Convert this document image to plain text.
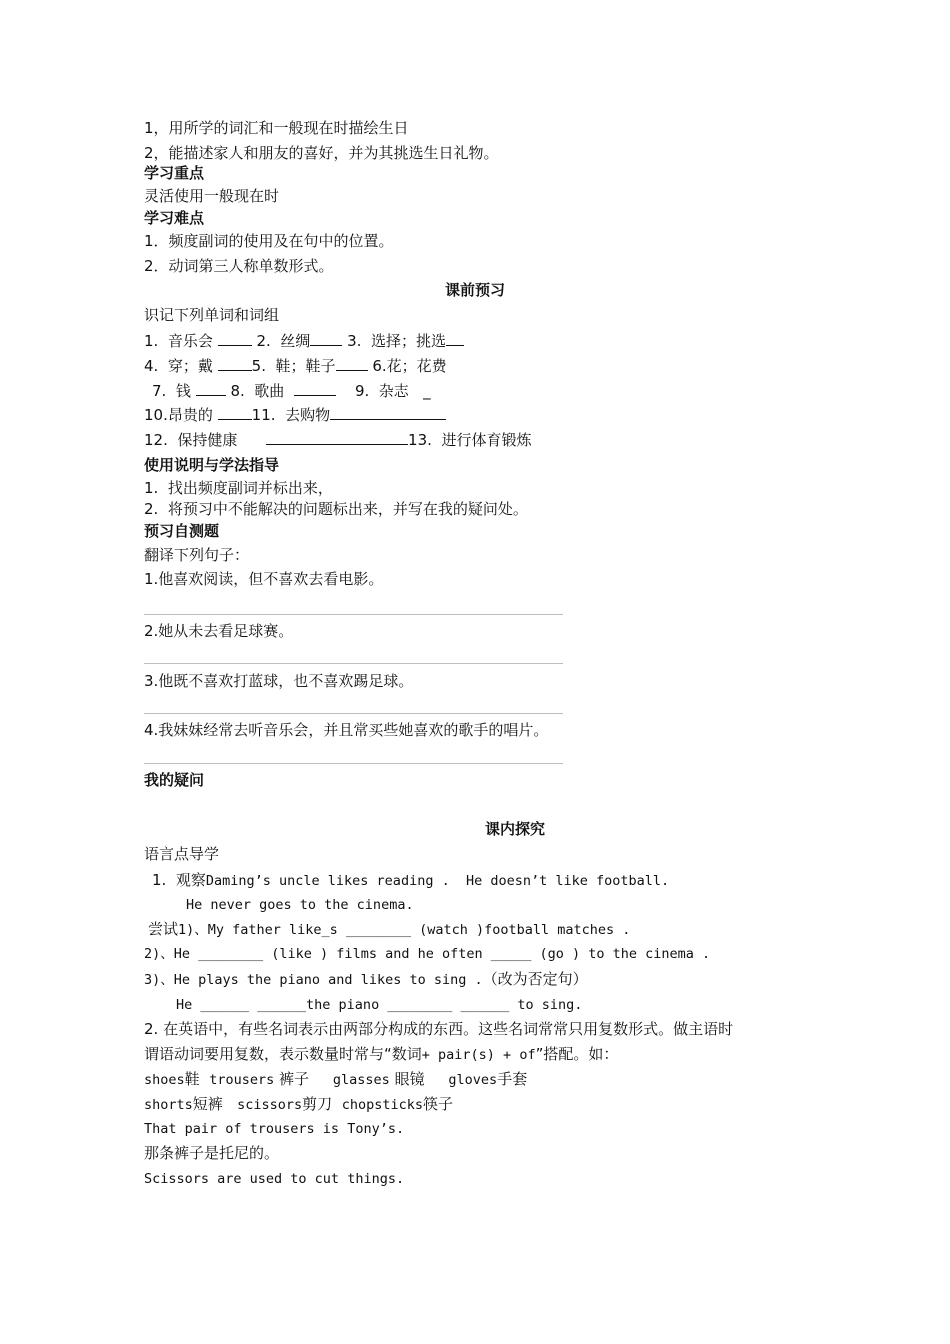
1，用所学的词汇和一般现在时描绘生日
2，能描述家人和朋友的喜好，并为其挑选生日礼物。
学习重点
灵活使用一般现在时
学习难点
1．频度副词的使用及在句中的位置。
2．动词第三人称单数形式。
课前预习
识记下列单词和词组
1. 音乐会	2. 丝绸 3. 选择；挑选
4. 穿；戴	5. 鞋；鞋子 6.花；花费
7. 钱	8. 歌曲	9. 杂志 _
10.昂贵的	11. 去购物
12. 保持健康	13. 进行体育锻炼
使用说明与学法指导
1.  找出频度副词并标出来，
2.  将预习中不能解决的问题标出来，并写在我的疑问处。
预习自测题
翻译下列句子：
1.他喜欢阅读，但不喜欢去看电影。
2.她从未去看足球赛。
3.他既不喜欢打蓝球，也不喜欢踢足球。
4.我妹妹经常去听音乐会，并且常买些她喜欢的歌手的唱片。
我的疑问
课内探究
语言点导学
1. 观察Daming’s uncle likes reading .  He doesn’t like football.
He never goes to the cinema.
尝试1)、My father like_s ________ (watch )football matches .
2)、He ________ (like ) films and he often _____ (go ) to the cinema .
3)、He plays the piano and likes to sing .（改为否定句）
He ______ ______the piano ________ ______ to sing.
2. 在英语中，有些名词表示由两部分构成的东西。这些名词常常只用复数形式。做主语时
谓语动词要用复数，表示数量时常与“数词+ pair(s) + of”搭配。如：
shoes鞋 trousers 裤子 glasses 眼镜 gloves手套
shorts短裤 scissors剪刀 chopsticks筷子
That pair of trousers is Tony’s.
那条裤子是托尼的。
Scissors are used to cut things.
